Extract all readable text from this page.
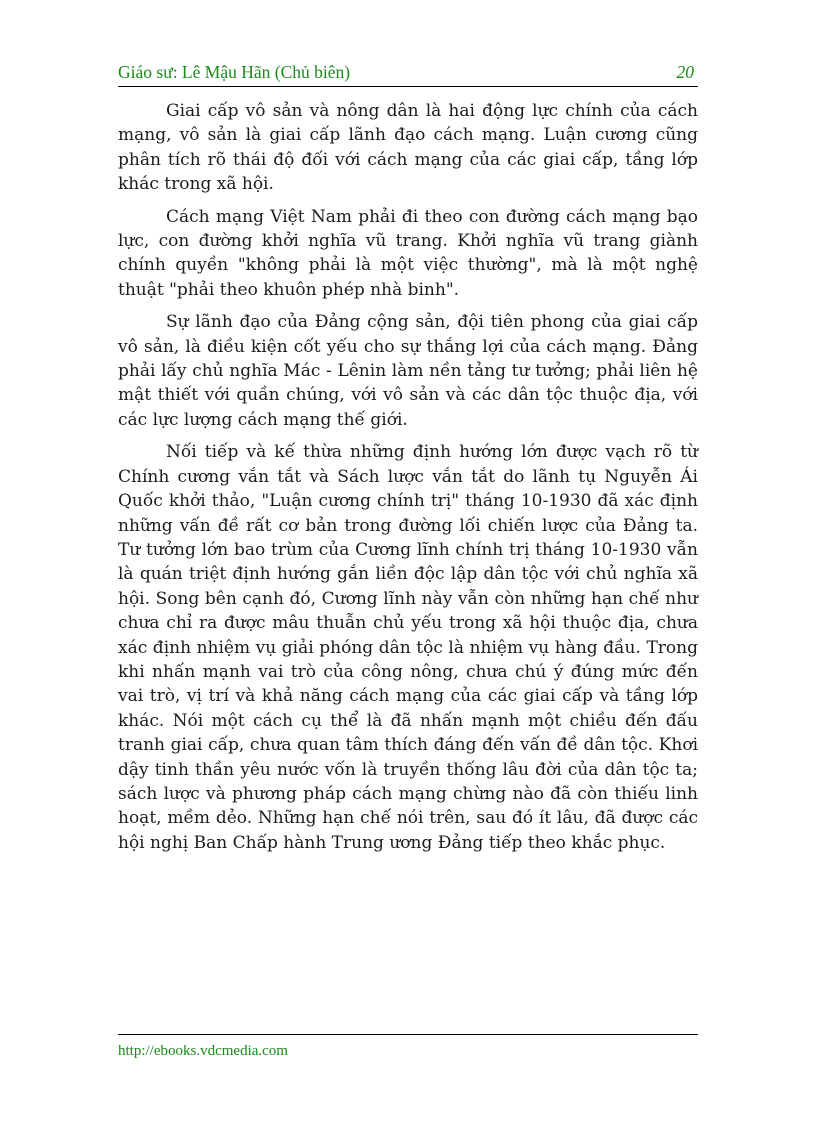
Giáo sư: Lê Mậu Hãn (Chủ biên)	20

Giai cấp vô sản và nông dân là hai động lực chính của cách mạng, vô sản là giai cấp lãnh đạo cách mạng. Luận cương cũng phân tích rõ thái độ đối với cách mạng của các giai cấp, tầng lớp khác trong xã hội.

Cách mạng Việt Nam phải đi theo con đường cách mạng bạo lực, con đường khởi nghĩa vũ trang. Khởi nghĩa vũ trang giành chính quyền "không phải là một việc thường", mà là một nghệ thuật "phải theo khuôn phép nhà binh".

Sự lãnh đạo của Đảng cộng sản, đội tiên phong của giai cấp vô sản, là điều kiện cốt yếu cho sự thắng lợi của cách mạng. Đảng phải lấy chủ nghĩa Mác - Lênin làm nền tảng tư tưởng; phải liên hệ mật thiết với quần chúng, với vô sản và các dân tộc thuộc địa, với các lực lượng cách mạng thế giới.

Nối tiếp và kế thừa những định hướng lớn được vạch rõ từ Chính cương vắn tắt và Sách lược vắn tắt do lãnh tụ Nguyễn Ái Quốc khởi thảo, "Luận cương chính trị" tháng 10-1930 đã xác định những vấn đề rất cơ bản trong đường lối chiến lược của Đảng ta. Tư tưởng lớn bao trùm của Cương lĩnh chính trị tháng 10-1930 vẫn là quán triệt định hướng gắn liền độc lập dân tộc với chủ nghĩa xã hội. Song bên cạnh đó, Cương lĩnh này vẫn còn những hạn chế như chưa chỉ ra được mâu thuẫn chủ yếu trong xã hội thuộc địa, chưa xác định nhiệm vụ giải phóng dân tộc là nhiệm vụ hàng đầu. Trong khi nhấn mạnh vai trò của công nông, chưa chú ý đúng mức đến vai trò, vị trí và khả năng cách mạng của các giai cấp và tầng lớp khác. Nói một cách cụ thể là đã nhấn mạnh một chiều đến đấu tranh giai cấp, chưa quan tâm thích đáng đến vấn đề dân tộc. Khơi dậy tinh thần yêu nước vốn là truyền thống lâu đời của dân tộc ta; sách lược và phương pháp cách mạng chừng nào đã còn thiếu linh hoạt, mềm dẻo. Những hạn chế nói trên, sau đó ít lâu, đã được các hội nghị Ban Chấp hành Trung ương Đảng tiếp theo khắc phục.

http://ebooks.vdcmedia.com
